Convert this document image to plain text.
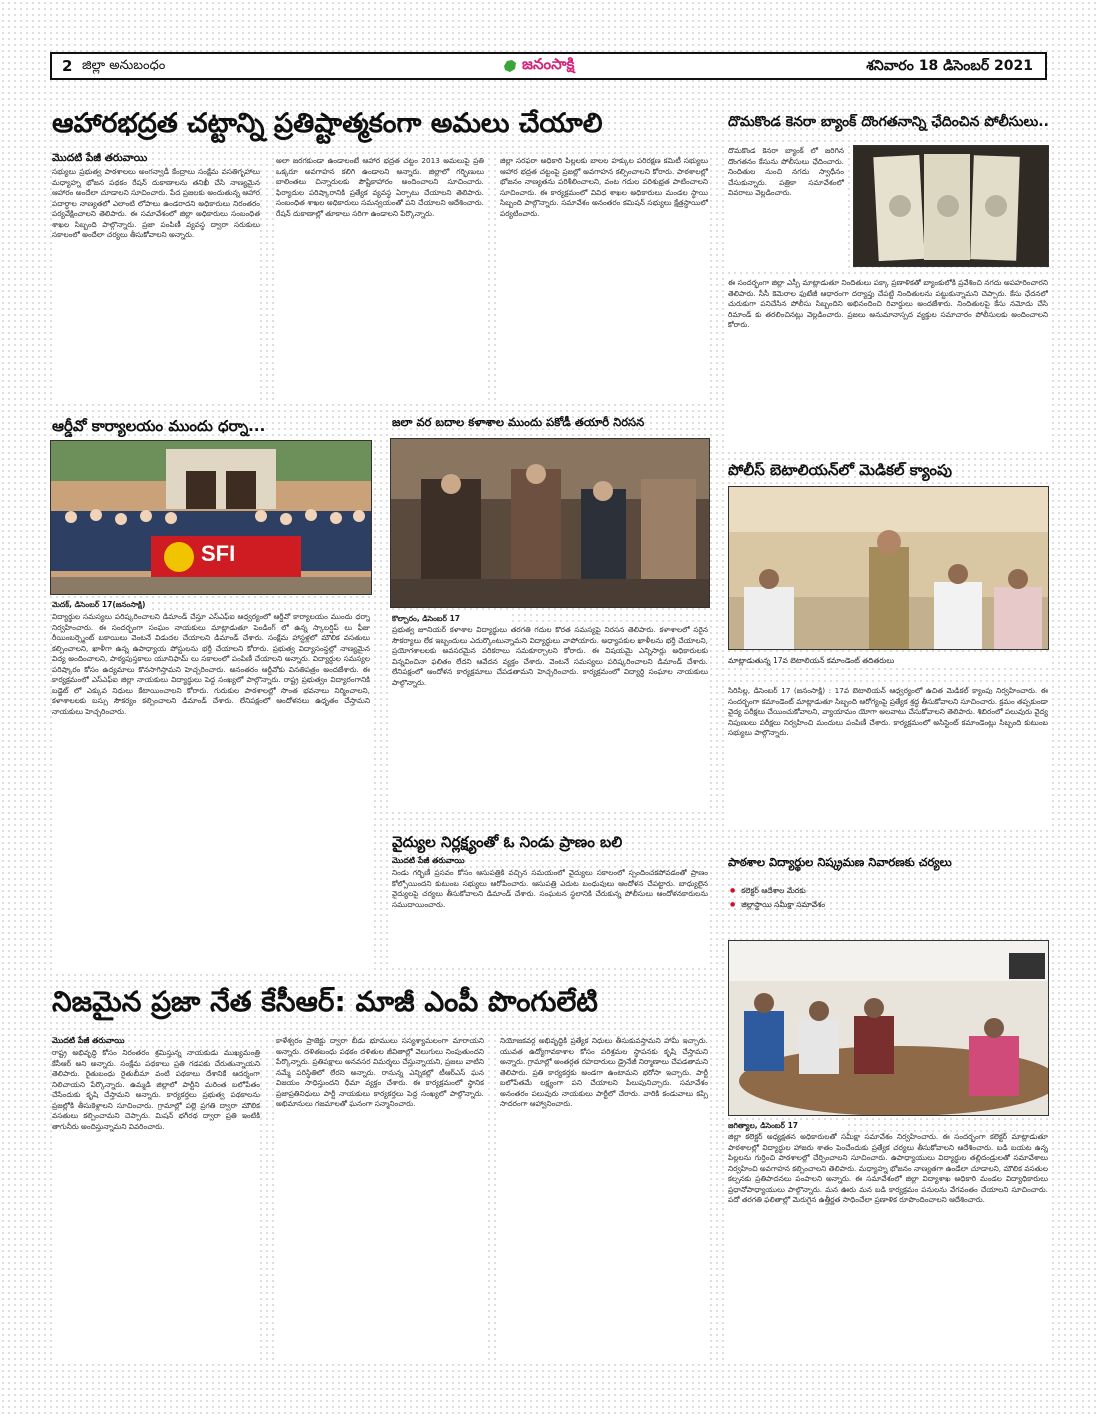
2 జిల్లా అనుబంధం	జనంసాక్షి	శనివారం 18 డిసెంబర్ 2021
ఆహారభద్రత చట్టాన్ని ప్రతిష్టాత్మకంగా అమలు చేయాలి
మొదటి పేజీ తరువాయి
సభ్యులు ప్రభుత్వ పాఠశాలలు అంగన్వాడీ కేంద్రాలు సంక్షేమ వసతిగృహాలు మధ్యాహ్న భోజన పథకం రేషన్ దుకాణాలను తనిఖీ చేసి నాణ్యమైన ఆహారం అందేలా చూడాలని సూచించారు. పేద ప్రజలకు అందుతున్న ఆహార పదార్థాల నాణ్యతలో ఎలాంటి లోపాలు ఉండరాదని అధికారులు నిరంతరం పర్యవేక్షించాలని తెలిపారు. ఈ సమావేశంలో జిల్లా అధికారులు సంబంధిత శాఖల సిబ్బంది పాల్గొన్నారు. ప్రజా పంపిణీ వ్యవస్థ ద్వారా సరుకులు సకాలంలో అందేలా చర్యలు తీసుకోవాలని అన్నారు.
అలా జరగకుండా ఉండాలంటే ఆహార భద్రత చట్టం 2013 అమలుపై ప్రతి ఒక్కరూ అవగాహన కలిగి ఉండాలని అన్నారు. జిల్లాలో గర్భిణులు బాలింతలు చిన్నారులకు పౌష్టికాహారం అందించాలని సూచించారు. ఫిర్యాదుల పరిష్కారానికి ప్రత్యేక వ్యవస్థ ఏర్పాటు చేయాలని తెలిపారు. సంబంధిత శాఖల అధికారులు సమన్వయంతో పని చేయాలని ఆదేశించారు. రేషన్ దుకాణాల్లో తూకాలు సరిగా ఉండాలని పేర్కొన్నారు.
జిల్లా సరఫరా అధికారి పిల్లలకు బాలల హక్కుల పరిరక్షణ కమిటీ సభ్యులు ఆహార భద్రత చట్టంపై ప్రజల్లో అవగాహన కల్పించాలని కోరారు. పాఠశాలల్లో భోజనం నాణ్యతను పరిశీలించాలని, వంట గదుల పరిశుభ్రత పాటించాలని సూచించారు. ఈ కార్యక్రమంలో వివిధ శాఖల అధికారులు మండల స్థాయి సిబ్బంది పాల్గొన్నారు. సమావేశం అనంతరం కమిషన్ సభ్యులు క్షేత్రస్థాయిలో పర్యటించారు.
దొమకొండ కెనరా బ్యాంక్ దొంగతనాన్ని ఛేదించిన పోలీసులు..
దొమకొండ కెనరా బ్యాంక్ లో జరిగిన దొంగతనం కేసును పోలీసులు ఛేదించారు. నిందితుల నుంచి నగదు స్వాధీనం చేసుకున్నారు. పత్రికా సమావేశంలో వివరాలు వెల్లడించారు.
ఈ సందర్భంగా జిల్లా ఎస్పీ మాట్లాడుతూ నిందితులు పక్కా ప్రణాళికతో బ్యాంకులోకి ప్రవేశించి నగదు అపహరించారని తెలిపారు. సీసీ కెమెరాల ఫుటేజీ ఆధారంగా దర్యాప్తు చేపట్టి నిందితులను పట్టుకున్నామని చెప్పారు. కేసు ఛేదనలో చురుకుగా పనిచేసిన పోలీసు సిబ్బందిని అభినందించి రివార్డులు అందజేశారు. నిందితులపై కేసు నమోదు చేసి రిమాండ్ కు తరలించినట్లు వెల్లడించారు. ప్రజలు అనుమానాస్పద వ్యక్తుల సమాచారం పోలీసులకు అందించాలని కోరారు.
ఆర్డీవో కార్యాలయం ముందు ధర్నా...
SFI
మెదక్, డిసెంబర్ 17(జనంసాక్షి)
విద్యార్థుల సమస్యలు పరిష్కరించాలని డిమాండ్ చేస్తూ ఎస్ఎఫ్ఐ ఆధ్వర్యంలో ఆర్డీవో కార్యాలయం ముందు ధర్నా నిర్వహించారు. ఈ సందర్భంగా సంఘం నాయకులు మాట్లాడుతూ పెండింగ్ లో ఉన్న స్కాలర్షిప్ లు ఫీజు రీయింబర్స్మెంట్ బకాయిలు వెంటనే విడుదల చేయాలని డిమాండ్ చేశారు. సంక్షేమ హాస్టళ్లలో మౌలిక వసతులు కల్పించాలని, ఖాళీగా ఉన్న ఉపాధ్యాయ పోస్టులను భర్తీ చేయాలని కోరారు. ప్రభుత్వ విద్యాసంస్థల్లో నాణ్యమైన విద్య అందించాలని, పాఠ్యపుస్తకాలు యూనిఫామ్ లు సకాలంలో పంపిణీ చేయాలని అన్నారు. విద్యార్థుల సమస్యల పరిష్కారం కోసం ఉద్యమాలు కొనసాగిస్తామని హెచ్చరించారు. అనంతరం ఆర్డీవోకు వినతిపత్రం అందజేశారు. ఈ కార్యక్రమంలో ఎస్ఎఫ్ఐ జిల్లా నాయకులు విద్యార్థులు పెద్ద సంఖ్యలో పాల్గొన్నారు. రాష్ట్ర ప్రభుత్వం విద్యారంగానికి బడ్జెట్ లో ఎక్కువ నిధులు కేటాయించాలని కోరారు. గురుకుల పాఠశాలల్లో సొంత భవనాలు నిర్మించాలని, కళాశాలలకు బస్సు సౌకర్యం కల్పించాలని డిమాండ్ చేశారు. లేనిపక్షంలో ఆందోళనలు ఉధృతం చేస్తామని నాయకులు హెచ్చరించారు.
జలా వర బదాల కళాశాల ముందు పకోడీ తయారీ నిరసన
కొల్చారం, డిసెంబర్ 17
ప్రభుత్వ జూనియర్ కళాశాల విద్యార్థులు తరగతి గదుల కొరత సమస్యపై నిరసన తెలిపారు. కళాశాలలో సరైన సౌకర్యాలు లేక ఇబ్బందులు ఎదుర్కొంటున్నామని విద్యార్థులు వాపోయారు. అధ్యాపకుల ఖాళీలను భర్తీ చేయాలని, ప్రయోగశాలలకు అవసరమైన పరికరాలు సమకూర్చాలని కోరారు. ఈ విషయమై ఎన్నిసార్లు అధికారులకు విన్నవించినా ఫలితం లేదని ఆవేదన వ్యక్తం చేశారు. వెంటనే సమస్యలు పరిష్కరించాలని డిమాండ్ చేశారు. లేనిపక్షంలో ఆందోళన కార్యక్రమాలు చేపడతామని హెచ్చరించారు. కార్యక్రమంలో విద్యార్థి సంఘాల నాయకులు పాల్గొన్నారు.
వైద్యుల నిర్లక్ష్యంతో ఓ నిండు ప్రాణం బలి
మొదటి పేజీ తరువాయి
నిండు గర్భిణీ ప్రసవం కోసం ఆసుపత్రికి వచ్చిన సమయంలో వైద్యులు సకాలంలో స్పందించకపోవడంతో ప్రాణం కోల్పోయిందని కుటుంబ సభ్యులు ఆరోపించారు. ఆసుపత్రి ఎదుట బంధువులు ఆందోళన చేపట్టారు. బాధ్యులైన వైద్యులపై చర్యలు తీసుకోవాలని డిమాండ్ చేశారు. సంఘటన స్థలానికి చేరుకున్న పోలీసులు ఆందోళనకారులను సముదాయించారు.
పోలీస్ బెటాలియన్‌లో మెడికల్ క్యాంపు
మాట్లాడుతున్న 17వ బెటాలియన్ కమాండెంట్ తదితరులు
సిరిసిల్ల, డిసెంబర్ 17 (జనంసాక్షి) : 17వ బెటాలియన్ ఆధ్వర్యంలో ఉచిత మెడికల్ క్యాంపు నిర్వహించారు. ఈ సందర్భంగా కమాండెంట్ మాట్లాడుతూ సిబ్బంది ఆరోగ్యంపై ప్రత్యేక శ్రద్ధ తీసుకోవాలని సూచించారు. క్రమం తప్పకుండా వైద్య పరీక్షలు చేయించుకోవాలని, వ్యాయామం యోగా అలవాటు చేసుకోవాలని తెలిపారు. శిబిరంలో పలువురు వైద్య నిపుణులు పరీక్షలు నిర్వహించి మందులు పంపిణీ చేశారు. కార్యక్రమంలో అసిస్టెంట్ కమాండెంట్లు సిబ్బంది కుటుంబ సభ్యులు పాల్గొన్నారు.
పాఠశాల విద్యార్థుల నిష్క్రమణ నివారణకు చర్యలు
● కలెక్టర్ ఆదేశాల మేరకు
● జిల్లాస్థాయి సమీక్షా సమావేశం
జగిత్యాల, డిసెంబర్ 17
జిల్లా కలెక్టర్ అధ్యక్షతన అధికారులతో సమీక్షా సమావేశం నిర్వహించారు. ఈ సందర్భంగా కలెక్టర్ మాట్లాడుతూ పాఠశాలల్లో విద్యార్థుల హాజరు శాతం పెంచేందుకు ప్రత్యేక చర్యలు తీసుకోవాలని ఆదేశించారు. బడి బయట ఉన్న పిల్లలను గుర్తించి పాఠశాలల్లో చేర్పించాలని సూచించారు. ఉపాధ్యాయులు విద్యార్థుల తల్లిదండ్రులతో సమావేశాలు నిర్వహించి అవగాహన కల్పించాలని తెలిపారు. మధ్యాహ్న భోజనం నాణ్యతగా ఉండేలా చూడాలని, మౌలిక వసతుల కల్పనకు ప్రతిపాదనలు పంపాలని అన్నారు. ఈ సమావేశంలో జిల్లా విద్యాశాఖ అధికారి మండల విద్యాధికారులు ప్రధానోపాధ్యాయులు పాల్గొన్నారు. మన ఊరు మన బడి కార్యక్రమం పనులను వేగవంతం చేయాలని సూచించారు. పదో తరగతి ఫలితాల్లో మెరుగైన ఉత్తీర్ణత సాధించేలా ప్రణాళిక రూపొందించాలని ఆదేశించారు.
నిజమైన ప్రజా నేత కేసీఆర్: మాజీ ఎంపీ పొంగులేటి
మొదటి పేజీ తరువాయి
రాష్ట్ర అభివృద్ధి కోసం నిరంతరం శ్రమిస్తున్న నాయకుడు ముఖ్యమంత్రి కేసీఆర్ అని అన్నారు. సంక్షేమ పథకాలు ప్రతి గడపకు చేరుతున్నాయని తెలిపారు. రైతుబంధు రైతుబీమా వంటి పథకాలు దేశానికే ఆదర్శంగా నిలిచాయని పేర్కొన్నారు. ఉమ్మడి జిల్లాలో పార్టీని మరింత బలోపేతం చేసేందుకు కృషి చేస్తామని అన్నారు. కార్యకర్తలు ప్రభుత్వ పథకాలను ప్రజల్లోకి తీసుకెళ్లాలని సూచించారు. గ్రామాల్లో పల్లె ప్రగతి ద్వారా మౌలిక వసతులు కల్పించామని చెప్పారు. మిషన్ భగీరథ ద్వారా ప్రతి ఇంటికి తాగునీరు అందిస్తున్నామని వివరించారు.
కాళేశ్వరం ప్రాజెక్టు ద్వారా బీడు భూములు సస్యశ్యామలంగా మారాయని అన్నారు. దళితబంధు పథకం దళితుల జీవితాల్లో వెలుగులు నింపుతుందని పేర్కొన్నారు. ప్రతిపక్షాలు అనవసర విమర్శలు చేస్తున్నాయని, ప్రజలు వాటిని నమ్మే పరిస్థితిలో లేరని అన్నారు. రానున్న ఎన్నికల్లో టీఆర్ఎస్ ఘన విజయం సాధిస్తుందని ధీమా వ్యక్తం చేశారు. ఈ కార్యక్రమంలో స్థానిక ప్రజాప్రతినిధులు పార్టీ నాయకులు కార్యకర్తలు పెద్ద సంఖ్యలో పాల్గొన్నారు. అభిమానులు గజమాలతో ఘనంగా సన్మానించారు.
నియోజకవర్గ అభివృద్ధికి ప్రత్యేక నిధులు తీసుకువస్తామని హామీ ఇచ్చారు. యువత ఉద్యోగావకాశాల కోసం పరిశ్రమల స్థాపనకు కృషి చేస్తామని అన్నారు. గ్రామాల్లో అంతర్గత రహదారులు డ్రైనేజీ నిర్మాణాలు చేపడతామని తెలిపారు. ప్రతి కార్యకర్తకు అండగా ఉంటామని భరోసా ఇచ్చారు. పార్టీ బలోపేతమే లక్ష్యంగా పని చేయాలని పిలుపునిచ్చారు. సమావేశం అనంతరం పలువురు నాయకులు పార్టీలో చేరారు. వారికి కండువాలు కప్పి సాదరంగా ఆహ్వానించారు.
